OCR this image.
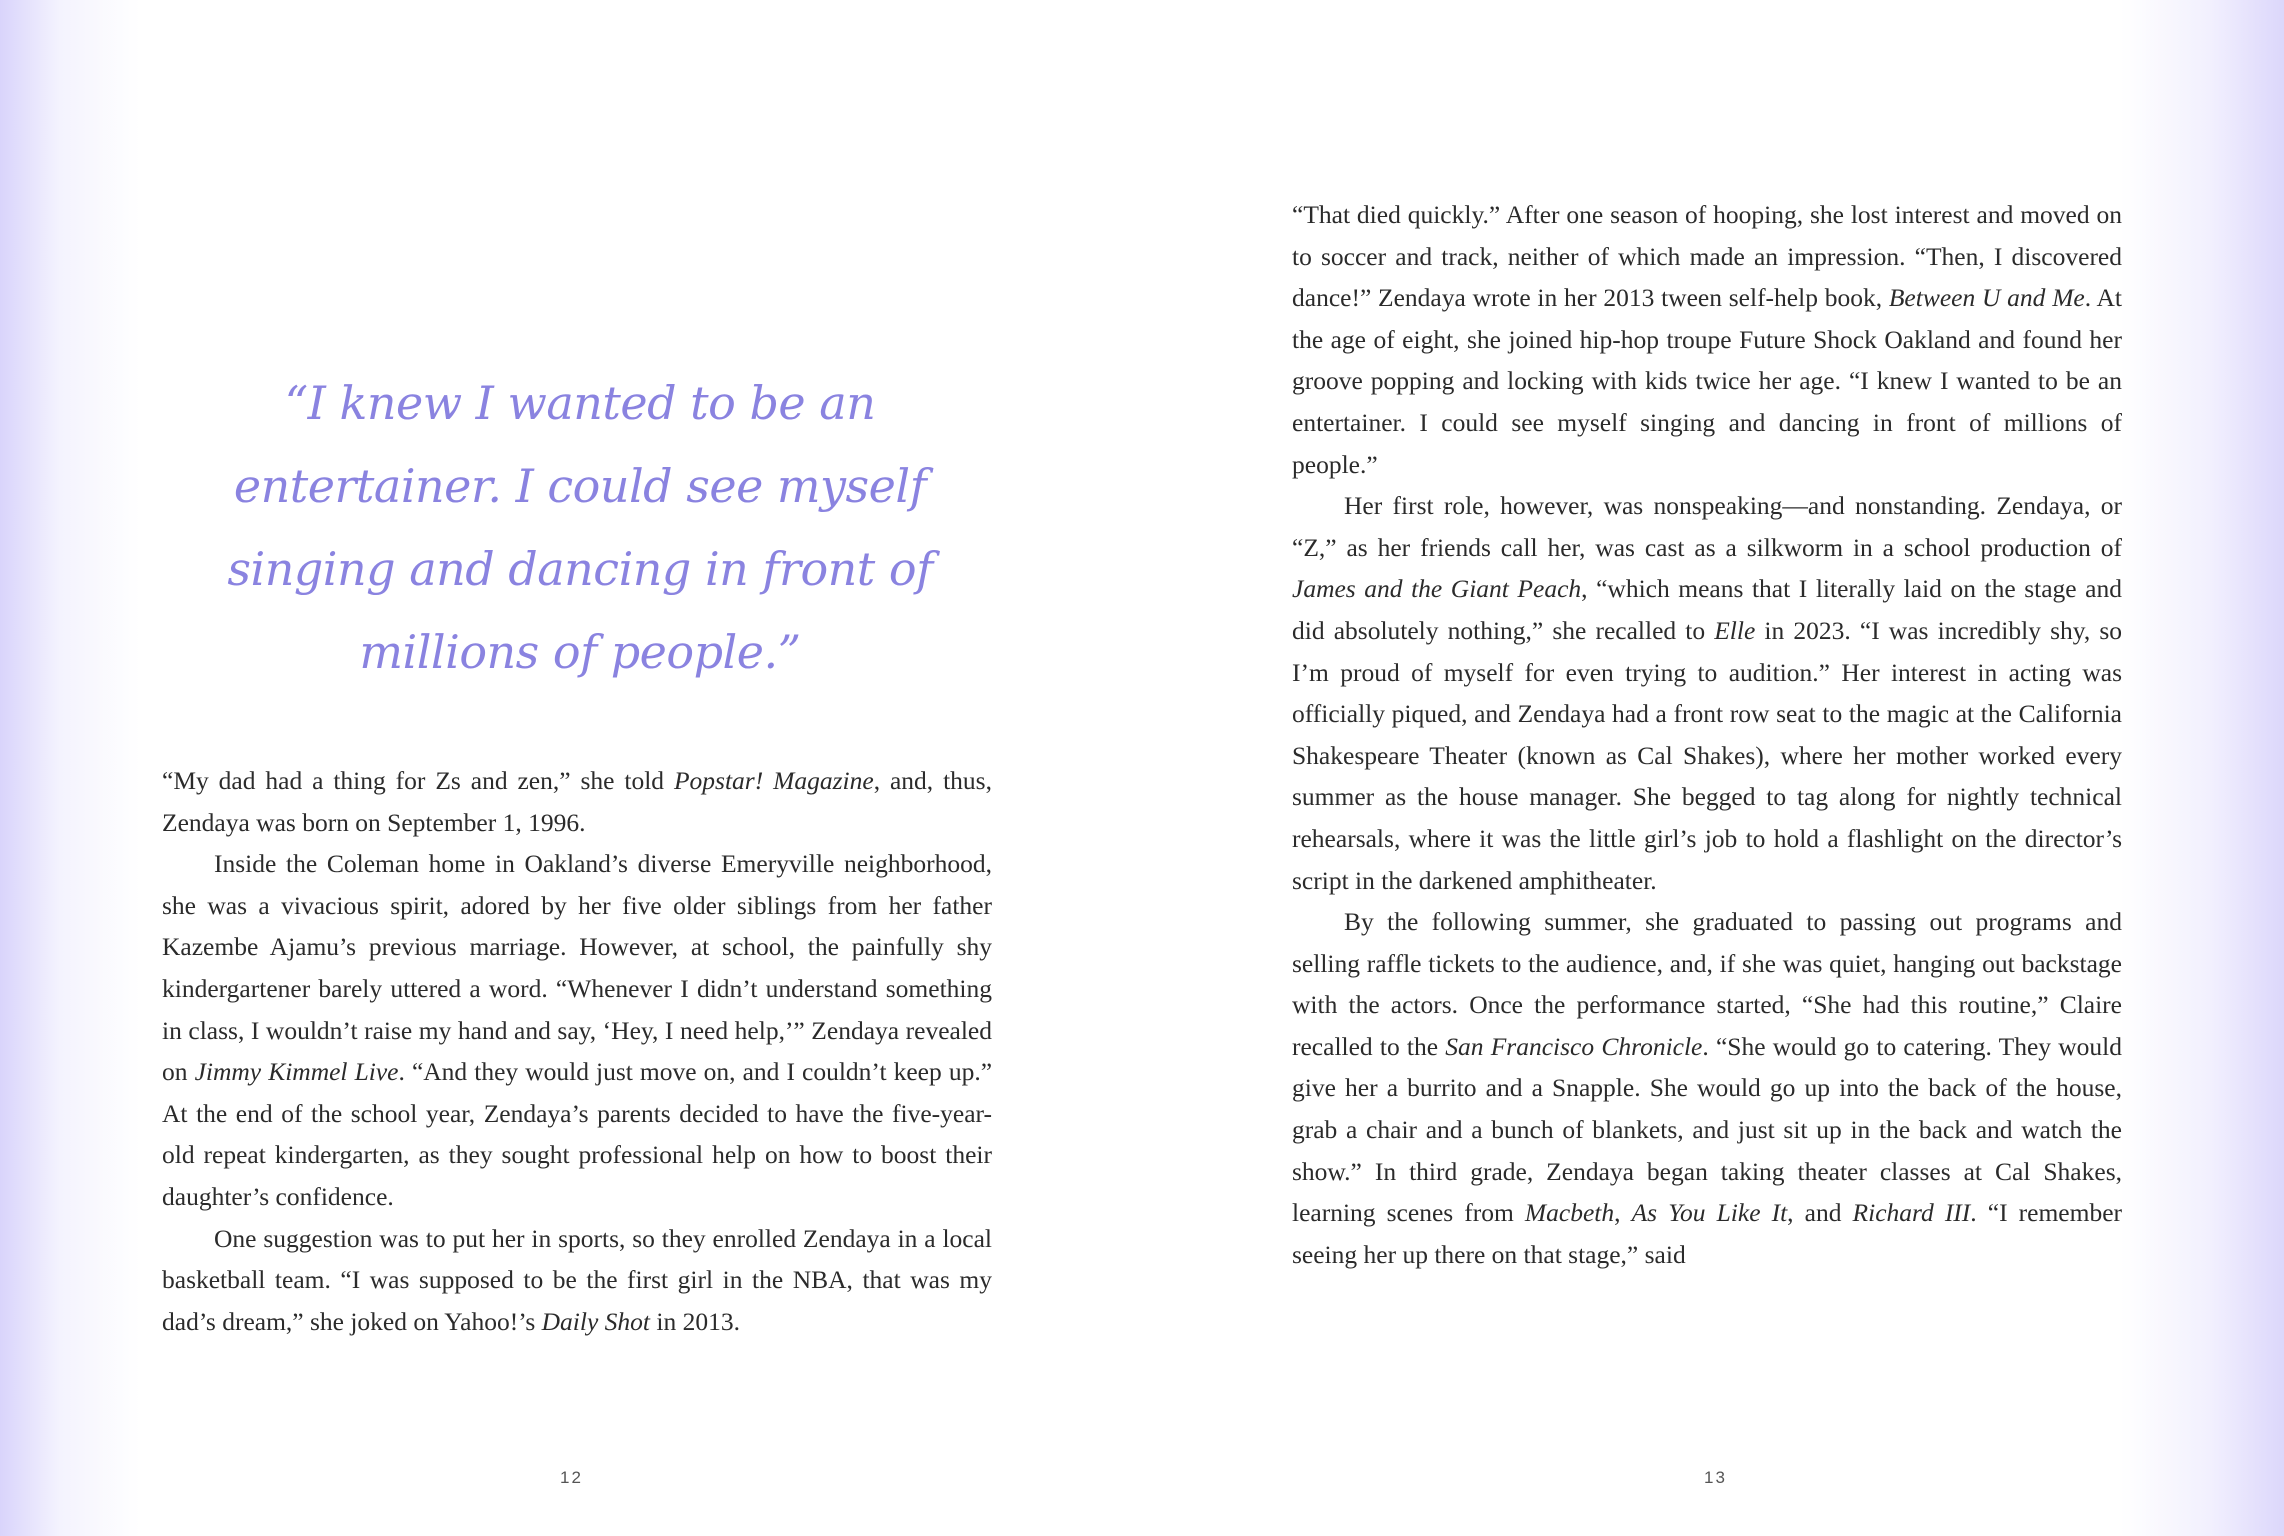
“I knew I wanted to be an entertainer. I could see myself singing and dancing in front of millions of people.”

“My dad had a thing for Zs and zen,” she told Popstar! Magazine, and, thus, Zendaya was born on September 1, 1996.

Inside the Coleman home in Oakland’s diverse Emeryville neighborhood, she was a vivacious spirit, adored by her five older siblings from her father Kazembe Ajamu’s previous marriage. However, at school, the painfully shy kindergartener barely uttered a word. “Whenever I didn’t understand something in class, I wouldn’t raise my hand and say, ‘Hey, I need help,’” Zendaya revealed on Jimmy Kimmel Live. “And they would just move on, and I couldn’t keep up.” At the end of the school year, Zendaya’s parents decided to have the five-year-old repeat kindergarten, as they sought professional help on how to boost their daughter’s confidence.

One suggestion was to put her in sports, so they enrolled Zendaya in a local basketball team. “I was supposed to be the first girl in the NBA, that was my dad’s dream,” she joked on Yahoo!’s Daily Shot in 2013.

12

“That died quickly.” After one season of hooping, she lost interest and moved on to soccer and track, neither of which made an impression. “Then, I discovered dance!” Zendaya wrote in her 2013 tween self-help book, Between U and Me. At the age of eight, she joined hip-hop troupe Future Shock Oakland and found her groove popping and locking with kids twice her age. “I knew I wanted to be an entertainer. I could see myself singing and dancing in front of millions of people.”

Her first role, however, was nonspeaking—and nonstanding. Zendaya, or “Z,” as her friends call her, was cast as a silkworm in a school production of James and the Giant Peach, “which means that I literally laid on the stage and did absolutely nothing,” she recalled to Elle in 2023. “I was incredibly shy, so I’m proud of myself for even trying to audition.” Her interest in acting was officially piqued, and Zendaya had a front row seat to the magic at the California Shakespeare Theater (known as Cal Shakes), where her mother worked every summer as the house manager. She begged to tag along for nightly technical rehearsals, where it was the little girl’s job to hold a flashlight on the director’s script in the darkened amphitheater.

By the following summer, she graduated to passing out programs and selling raffle tickets to the audience, and, if she was quiet, hanging out backstage with the actors. Once the performance started, “She had this routine,” Claire recalled to the San Francisco Chronicle. “She would go to catering. They would give her a burrito and a Snapple. She would go up into the back of the house, grab a chair and a bunch of blankets, and just sit up in the back and watch the show.” In third grade, Zendaya began taking theater classes at Cal Shakes, learning scenes from Macbeth, As You Like It, and Richard III. “I remember seeing her up there on that stage,” said

13
